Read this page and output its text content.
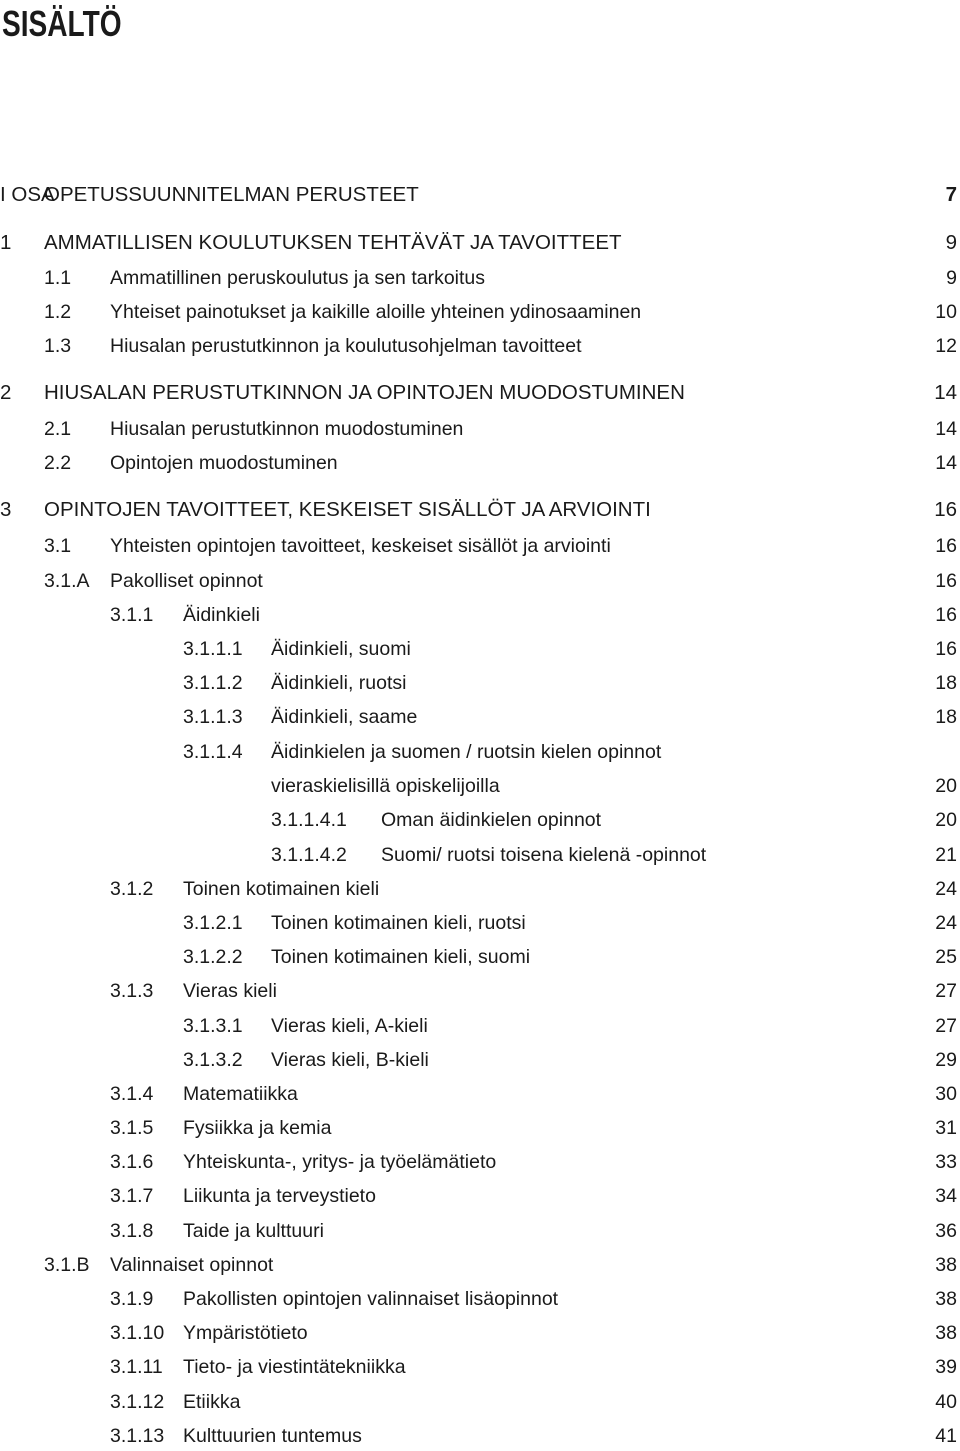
SISÄLTÖ
I OSA
OPETUSSUUNNITELMAN PERUSTEET	7
1 AMMATILLISEN KOULUTUKSEN TEHTÄVÄT JA TAVOITTEET	9
1.1 Ammatillinen peruskoulutus ja sen tarkoitus	9
1.2 Yhteiset painotukset ja kaikille aloille yhteinen ydinosaaminen	10
1.3 Hiusalan perustutkinnon ja koulutusohjelman tavoitteet	12
2 HIUSALAN PERUSTUTKINNON JA OPINTOJEN MUODOSTUMINEN	14
2.1 Hiusalan perustutkinnon muodostuminen	14
2.2 Opintojen muodostuminen	14
3 OPINTOJEN TAVOITTEET, KESKEISET SISÄLLÖT JA ARVIOINTI	16
3.1 Yhteisten opintojen tavoitteet, keskeiset sisällöt ja arviointi	16
3.1.A Pakolliset opinnot	16
3.1.1 Äidinkieli	16
3.1.1.1 Äidinkieli, suomi	16
3.1.1.2 Äidinkieli, ruotsi	18
3.1.1.3 Äidinkieli, saame	18
3.1.1.4 Äidinkielen ja suomen / ruotsin kielen opinnot
vieraskielisillä opiskelijoilla	20
3.1.1.4.1 Oman äidinkielen opinnot	20
3.1.1.4.2 Suomi/ ruotsi toisena kielenä -opinnot	21
3.1.2 Toinen kotimainen kieli	24
3.1.2.1 Toinen kotimainen kieli, ruotsi	24
3.1.2.2 Toinen kotimainen kieli, suomi	25
3.1.3 Vieras kieli	27
3.1.3.1 Vieras kieli, A-kieli	27
3.1.3.2 Vieras kieli, B-kieli	29
3.1.4 Matematiikka	30
3.1.5 Fysiikka ja kemia	31
3.1.6 Yhteiskunta-, yritys- ja työelämätieto	33
3.1.7 Liikunta ja terveystieto	34
3.1.8 Taide ja kulttuuri	36
3.1.B Valinnaiset opinnot	38
3.1.9 Pakollisten opintojen valinnaiset lisäopinnot	38
3.1.10 Ympäristötieto	38
3.1.11 Tieto- ja viestintätekniikka	39
3.1.12 Etiikka	40
3.1.13 Kulttuurien tuntemus	41
